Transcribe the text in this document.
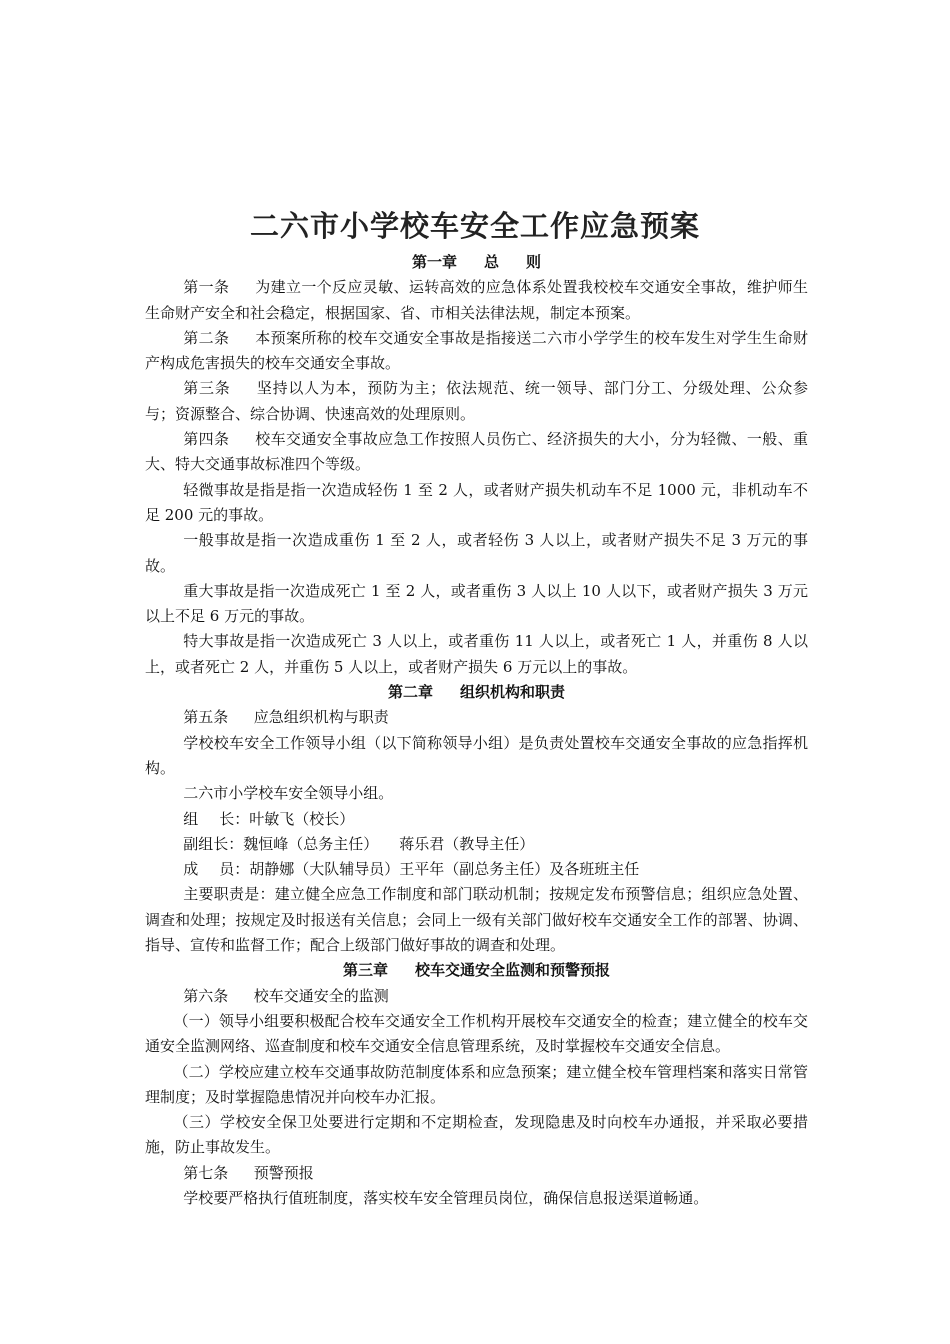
二六市小学校车安全工作应急预案

第一章 总 则

第一条 为建立一个反应灵敏、运转高效的应急体系处置我校校车交通安全事故，维护师生生命财产安全和社会稳定，根据国家、省、市相关法律法规，制定本预案。

第二条 本预案所称的校车交通安全事故是指接送二六市小学学生的校车发生对学生生命财产构成危害损失的校车交通安全事故。

第三条 坚持以人为本，预防为主；依法规范、统一领导、部门分工、分级处理、公众参与；资源整合、综合协调、快速高效的处理原则。

第四条 校车交通安全事故应急工作按照人员伤亡、经济损失的大小，分为轻微、一般、重大、特大交通事故标准四个等级。

轻微事故是指是指一次造成轻伤 1 至 2 人，或者财产损失机动车不足 1000 元，非机动车不足 200 元的事故。

一般事故是指一次造成重伤 1 至 2 人，或者轻伤 3 人以上，或者财产损失不足 3 万元的事故。

重大事故是指一次造成死亡 1 至 2 人，或者重伤 3 人以上 10 人以下，或者财产损失 3 万元以上不足 6 万元的事故。

特大事故是指一次造成死亡 3 人以上，或者重伤 11 人以上，或者死亡 1 人，并重伤 8 人以上，或者死亡 2 人，并重伤 5 人以上，或者财产损失 6 万元以上的事故。

第二章 组织机构和职责

第五条 应急组织机构与职责

学校校车安全工作领导小组（以下简称领导小组）是负责处置校车交通安全事故的应急指挥机构。

二六市小学校车安全领导小组。

组 长：叶敏飞（校长）

副组长：魏恒峰（总务主任） 蒋乐君（教导主任）

成 员：胡静娜（大队辅导员）王平年（副总务主任）及各班班主任

主要职责是：建立健全应急工作制度和部门联动机制；按规定发布预警信息；组织应急处置、调查和处理；按规定及时报送有关信息；会同上一级有关部门做好校车交通安全工作的部署、协调、指导、宣传和监督工作；配合上级部门做好事故的调查和处理。

第三章 校车交通安全监测和预警预报

第六条 校车交通安全的监测

（一）领导小组要积极配合校车交通安全工作机构开展校车交通安全的检查；建立健全的校车交通安全监测网络、巡查制度和校车交通安全信息管理系统，及时掌握校车交通安全信息。

（二）学校应建立校车交通事故防范制度体系和应急预案；建立健全校车管理档案和落实日常管理制度；及时掌握隐患情况并向校车办汇报。

（三）学校安全保卫处要进行定期和不定期检查，发现隐患及时向校车办通报，并采取必要措施，防止事故发生。

第七条 预警预报

学校要严格执行值班制度，落实校车安全管理员岗位，确保信息报送渠道畅通。
